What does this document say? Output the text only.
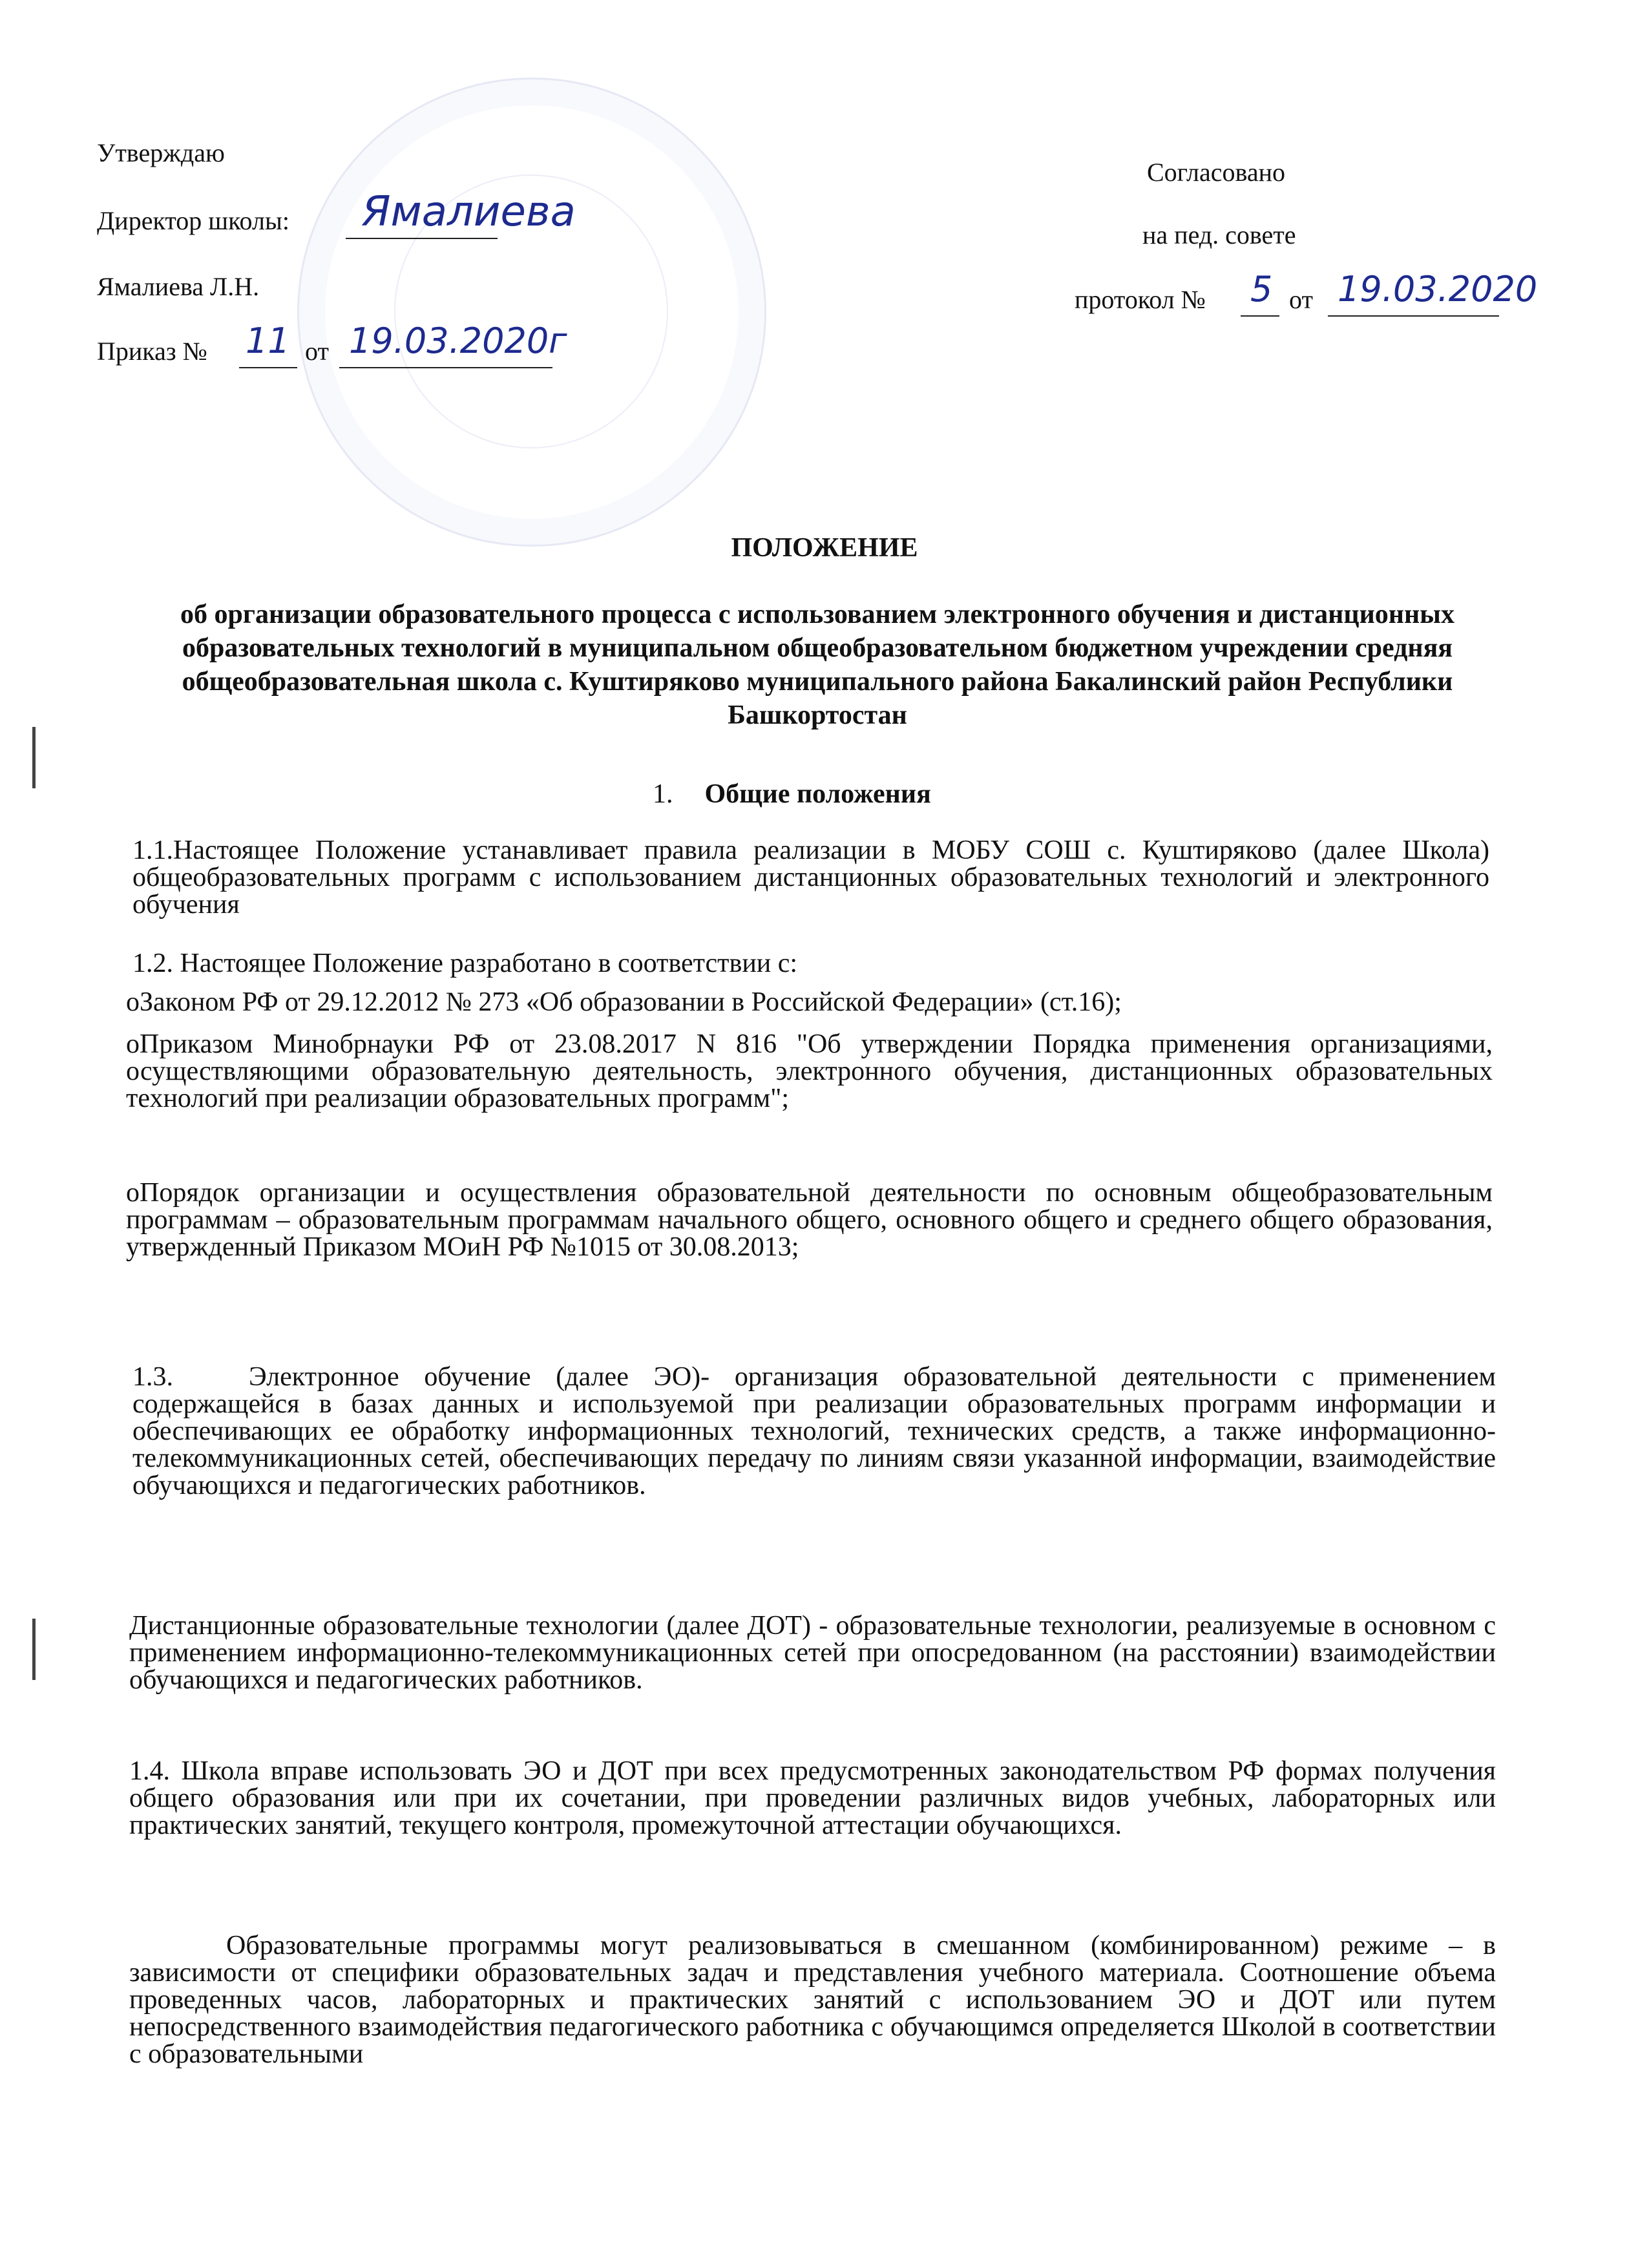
Утверждаю
Директор школы: Ямалиева
Ямалиева Л.Н.
Приказ № 11 от 19.03.2020г
Согласовано
на пед. совете
протокол № 5 от 19.03.2020
ПОЛОЖЕНИЕ
об организации образовательного процесса с использованием электронного обучения и дистанционных образовательных технологий в муниципальном общеобразовательном бюджетном учреждении средняя общеобразовательная школа с. Куштиряково муниципального района Бакалинский район Республики Башкортостан
1. Общие положения
1.1.Настоящее Положение устанавливает правила реализации в МОБУ СОШ с. Куштиряково (далее Школа) общеобразовательных программ с использованием дистанционных образовательных технологий и электронного обучения
1.2. Настоящее Положение разработано в соответствии с:

oЗаконом РФ от 29.12.2012 № 273 «Об образовании в Российской Федерации» (ст.16);

oПриказом Минобрнауки РФ от 23.08.2017 N 816 "Об утверждении Порядка применения организациями, осуществляющими образовательную деятельность, электронного обучения, дистанционных образовательных технологий при реализации образовательных программ";

oПорядок организации и осуществления образовательной деятельности по основным общеобразовательным программам – образовательным программам начального общего, основного общего и среднего общего образования, утвержденный Приказом МОиН РФ №1015 от 30.08.2013;

1.3.	Электронное обучение (далее ЭО)- организация образовательной деятельности с применением содержащейся в базах данных и используемой при реализации образовательных программ информации и обеспечивающих ее обработку информационных технологий, технических средств, а также информационно-телекоммуникационных сетей, обеспечивающих передачу по линиям связи указанной информации, взаимодействие обучающихся и педагогических работников.

Дистанционные образовательные технологии (далее ДОТ) - образовательные технологии, реализуемые в основном с применением информационно-телекоммуникационных сетей при опосредованном (на расстоянии) взаимодействии обучающихся и педагогических работников.
1.4. Школа вправе использовать ЭО и ДОТ при всех предусмотренных законодательством РФ формах получения общего образования или при их сочетании, при проведении различных видов учебных, лабораторных или практических занятий, текущего контроля, промежуточной аттестации обучающихся.
Образовательные программы могут реализовываться в смешанном (комбинированном) режиме – в зависимости от специфики образовательных задач и представления учебного материала. Соотношение объема проведенных часов, лабораторных и практических занятий с использованием ЭО и ДОТ или путем непосредственного взаимодействия педагогического работника с обучающимся определяется Школой в соответствии с образовательными
